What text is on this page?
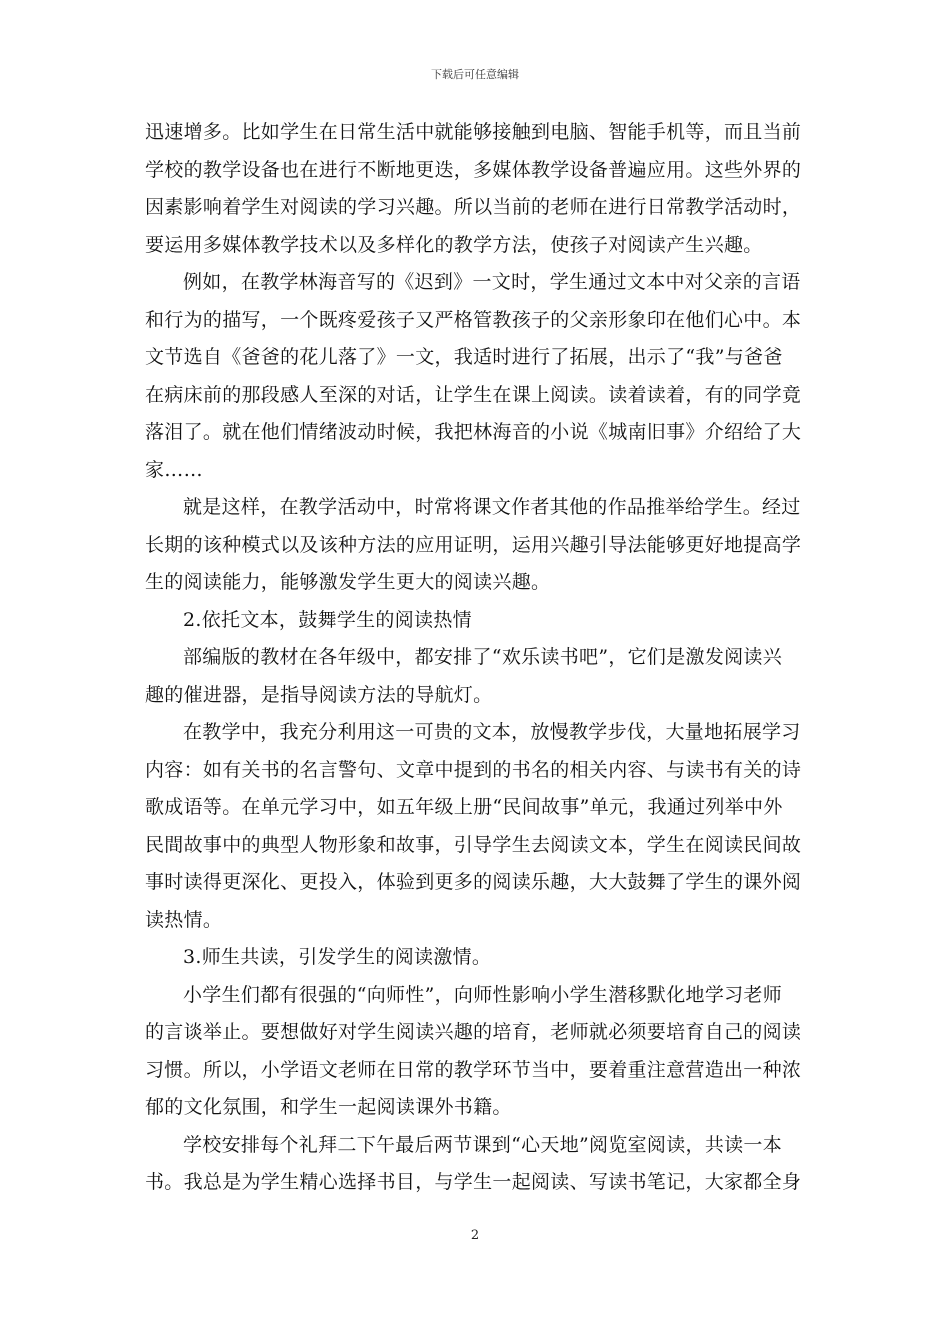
下载后可任意编辑
迅速增多。比如学生在日常生活中就能够接触到电脑、智能手机等，而且当前
学校的教学设备也在进行不断地更迭，多媒体教学设备普遍应用。这些外界的
因素影响着学生对阅读的学习兴趣。所以当前的老师在进行日常教学活动时，
要运用多媒体教学技术以及多样化的教学方法，使孩子对阅读产生兴趣。
例如，在教学林海音写的《迟到》一文时，学生通过文本中对父亲的言语
和行为的描写，一个既疼爱孩子又严格管教孩子的父亲形象印在他们心中。本
文节选自《爸爸的花儿落了》一文，我适时进行了拓展，出示了“我”与爸爸
在病床前的那段感人至深的对话，让学生在课上阅读。读着读着，有的同学竟
落泪了。就在他们情绪波动时候，我把林海音的小说《城南旧事》介绍给了大
家……
就是这样，在教学活动中，时常将课文作者其他的作品推举给学生。经过
长期的该种模式以及该种方法的应用证明，运用兴趣引导法能够更好地提高学
生的阅读能力，能够激发学生更大的阅读兴趣。
2.依托文本，鼓舞学生的阅读热情
部编版的教材在各年级中，都安排了“欢乐读书吧”，它们是激发阅读兴
趣的催进器，是指导阅读方法的导航灯。
在教学中，我充分利用这一可贵的文本，放慢教学步伐，大量地拓展学习
内容：如有关书的名言警句、文章中提到的书名的相关内容、与读书有关的诗
歌成语等。在单元学习中，如五年级上册“民间故事”单元，我通过列举中外
民間故事中的典型人物形象和故事，引导学生去阅读文本，学生在阅读民间故
事时读得更深化、更投入，体验到更多的阅读乐趣，大大鼓舞了学生的课外阅
读热情。
3.师生共读，引发学生的阅读激情。
小学生们都有很强的“向师性”，向师性影响小学生潜移默化地学习老师
的言谈举止。要想做好对学生阅读兴趣的培育，老师就必须要培育自己的阅读
习惯。所以，小学语文老师在日常的教学环节当中，要着重注意营造出一种浓
郁的文化氛围，和学生一起阅读课外书籍。
学校安排每个礼拜二下午最后两节课到“心天地”阅览室阅读，共读一本
书。我总是为学生精心选择书目，与学生一起阅读、写读书笔记，大家都全身
2
